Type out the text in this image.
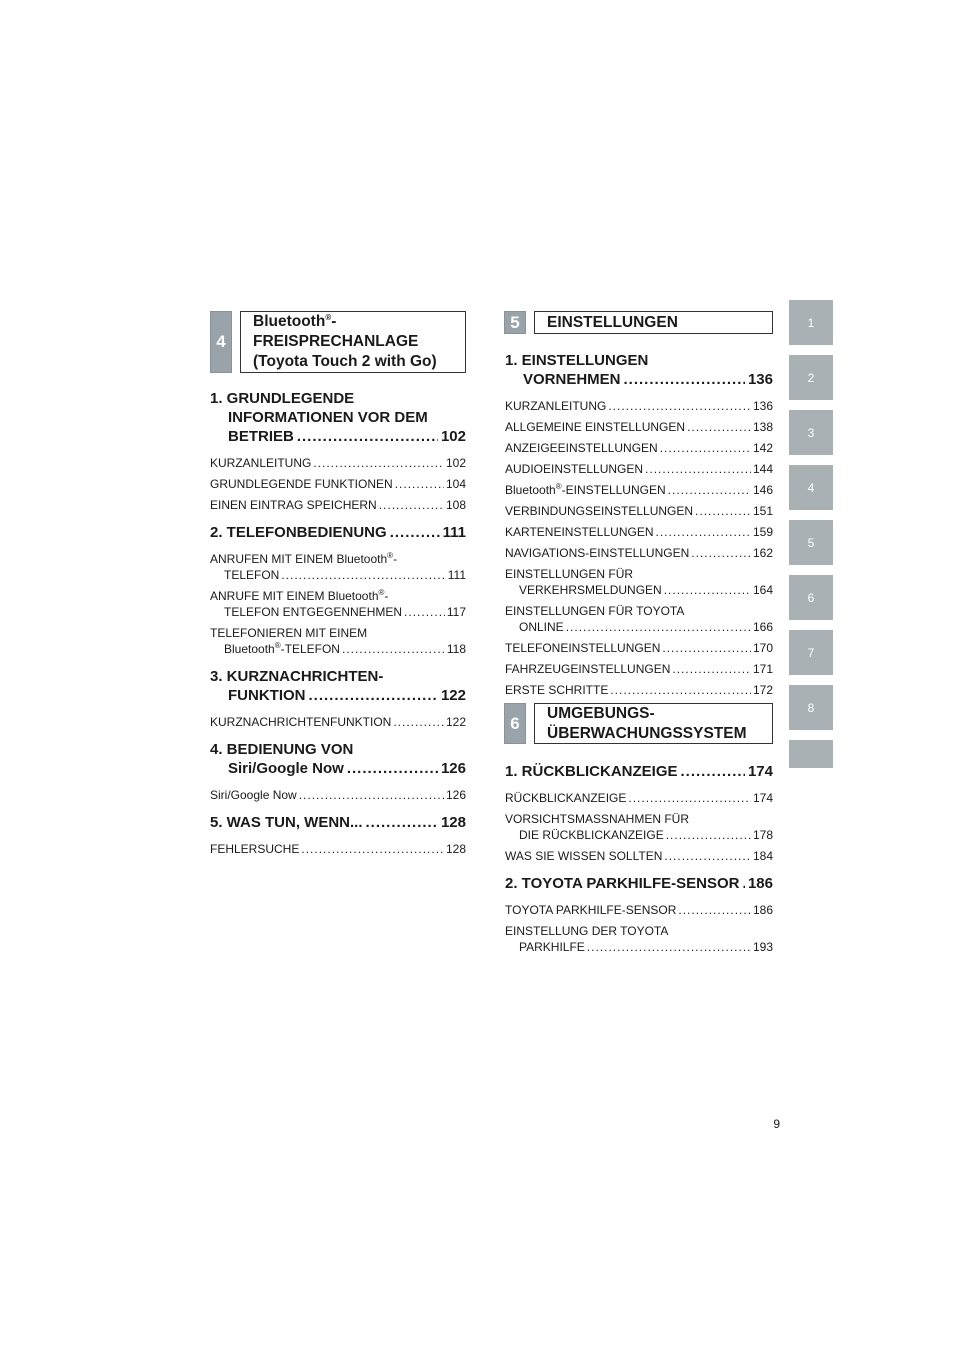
4
Bluetooth®-
FREISPRECHANLAGE
(Toyota Touch 2 with Go)
1. GRUNDLEGENDE
INFORMATIONEN VOR DEM
BETRIEB .....	102
KURZANLEITUNG .....	102
GRUNDLEGENDE FUNKTIONEN .....	104
EINEN EINTRAG SPEICHERN .....	108
2. TELEFONBEDIENUNG .....	111
ANRUFEN MIT EINEM Bluetooth®-
TELEFON .....	111
ANRUFE MIT EINEM Bluetooth®-
TELEFON ENTGEGENNEHMEN .....	117
TELEFONIEREN MIT EINEM
Bluetooth®-TELEFON .....	118
3. KURZNACHRICHTEN-
FUNKTION .....	122
KURZNACHRICHTENFUNKTION .....	122
4. BEDIENUNG VON
Siri/Google Now .....	126
Siri/Google Now .....	126
5. WAS TUN, WENN... .....	128
FEHLERSUCHE .....	128
5	EINSTELLUNGEN
1. EINSTELLUNGEN
VORNEHMEN .....	136
KURZANLEITUNG .....	136
ALLGEMEINE EINSTELLUNGEN .....	138
ANZEIGEEINSTELLUNGEN .....	142
AUDIOEINSTELLUNGEN .....	144
Bluetooth®-EINSTELLUNGEN .....	146
VERBINDUNGSEINSTELLUNGEN .....	151
KARTENEINSTELLUNGEN .....	159
NAVIGATIONS-EINSTELLUNGEN .....	162
EINSTELLUNGEN FÜR
VERKEHRSMELDUNGEN .....	164
EINSTELLUNGEN FÜR TOYOTA
ONLINE .....	166
TELEFONEINSTELLUNGEN .....	170
FAHRZEUGEINSTELLUNGEN .....	171
ERSTE SCHRITTE .....	172
6
UMGEBUNGS-
ÜBERWACHUNGSSYSTEM
1. RÜCKBLICKANZEIGE .....	174
RÜCKBLICKANZEIGE .....	174
VORSICHTSMASSNAHMEN FÜR
DIE RÜCKBLICKANZEIGE .....	178
WAS SIE WISSEN SOLLTEN .....	184
2. TOYOTA PARKHILFE-SENSOR ..... 186
TOYOTA PARKHILFE-SENSOR .....	186
EINSTELLUNG DER TOYOTA
PARKHILFE .....	193
1
2
3
4
5
6
7
8
9
